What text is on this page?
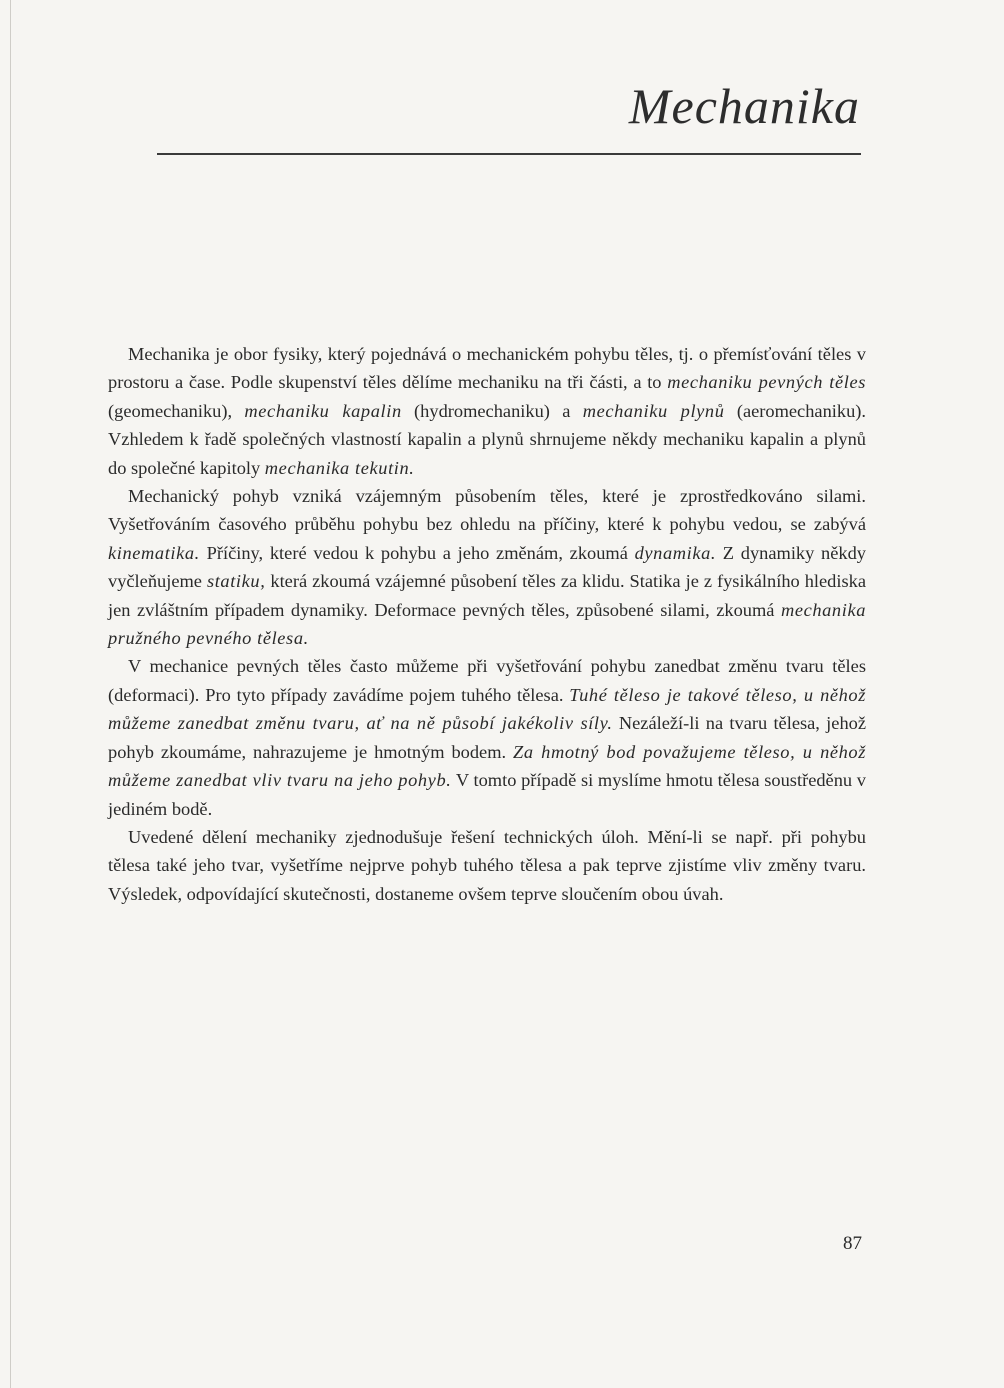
Mechanika

Mechanika je obor fysiky, který pojednává o mechanickém pohybu těles, tj. o přemísťování těles v prostoru a čase. Podle skupenství těles dělíme mechaniku na tři části, a to mechaniku pevných těles (geomechaniku), mechaniku kapalin (hydromechaniku) a mechaniku plynů (aeromechaniku). Vzhledem k řadě společných vlastností kapalin a plynů shrnujeme někdy mechaniku kapalin a plynů do společné kapitoly mechanika tekutin.

Mechanický pohyb vzniká vzájemným působením těles, které je zprostředkováno silami. Vyšetřováním časového průběhu pohybu bez ohledu na příčiny, které k pohybu vedou, se zabývá kinematika. Příčiny, které vedou k pohybu a jeho změnám, zkoumá dynamika. Z dynamiky někdy vyčleňujeme statiku, která zkoumá vzájemné působení těles za klidu. Statika je z fysikálního hlediska jen zvláštním případem dynamiky. Deformace pevných těles, způsobené silami, zkoumá mechanika pružného pevného tělesa.

V mechanice pevných těles často můžeme při vyšetřování pohybu zanedbat změnu tvaru těles (deformaci). Pro tyto případy zavádíme pojem tuhého tělesa. Tuhé těleso je takové těleso, u něhož můžeme zanedbat změnu tvaru, ať na ně působí jakékoliv síly. Nezáleží-li na tvaru tělesa, jehož pohyb zkoumáme, nahrazujeme je hmotným bodem. Za hmotný bod považujeme těleso, u něhož můžeme zanedbat vliv tvaru na jeho pohyb. V tomto případě si myslíme hmotu tělesa soustředěnu v jediném bodě.

Uvedené dělení mechaniky zjednodušuje řešení technických úloh. Mění-li se např. při pohybu tělesa také jeho tvar, vyšetříme nejprve pohyb tuhého tělesa a pak teprve zjistíme vliv změny tvaru. Výsledek, odpovídající skutečnosti, dostaneme ovšem teprve sloučením obou úvah.

87
